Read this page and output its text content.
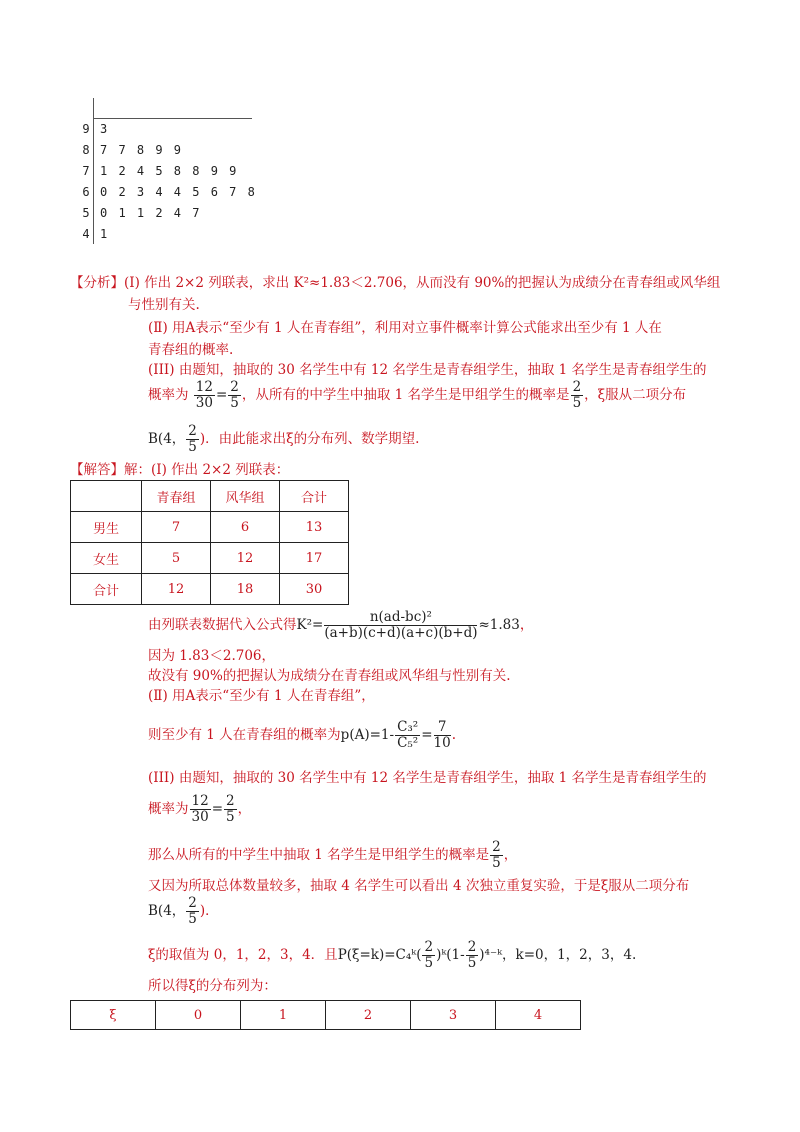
9 3
8 7 7 8 9 9
7 1 2 4 5 8 8 9 9
6 0 2 3 4 4 5 6 7 8
5 0 1 1 2 4 7
4 1
【分析】(I) 作出 2×2 列联表，求出 K²≈1.83＜2.706，从而没有 90%的把握认为成绩分在青春组或风华组
与性别有关.
(Ⅱ) 用A表示“至少有 1 人在青春组”，利用对立事件概率计算公式能求出至少有 1 人在
青春组的概率.
(III) 由题知，抽取的 30 名学生中有 12 名学生是青春组学生，抽取 1 名学生是青春组学生的
概率为 $\frac{12}{30} = \frac{2}{5}$ ，从所有的中学生中抽取 1 名学生是甲组学生的概率是 $\frac{2}{5}$ ，ξ服从二项分布
B(4， $\frac{2}{5}$ )．由此能求出ξ的分布列、数学期望.
【解答】解：(I) 作出 2×2 列联表：
	青春组	风华组	合计
男生	7	6	13
女生	5	12	17
合计	12	18	30
由列联表数据代入公式得$K^2= \frac{\text{n(ad-bc)²}}{(a+b)(c+d)(a+c)(b+d)} \approx 1.83$，
因为 1.83＜2.706，
故没有 90%的把握认为成绩分在青春组或风华组与性别有关.
(Ⅱ) 用A表示“至少有 1 人在青春组”，
则至少有 1 人在青春组的概率为$p(A)=1- \frac{\text{C₃²}}{\text{C₅²}} = \frac{7}{10}$ .
(III) 由题知，抽取的 30 名学生中有 12 名学生是青春组学生，抽取 1 名学生是青春组学生的
概率为 $\frac{12}{30} = \frac{2}{5}$ ，
那么从所有的中学生中抽取 1 名学生是甲组学生的概率是 $\frac{2}{5}$ ，
又因为所取总体数量较多，抽取 4 名学生可以看出 4 次独立重复实验，于是ξ服从二项分布
B(4， $\frac{2}{5}$ )．
ξ的取值为 0，1，2，3，4．且P(ξ=k)=C₄ᵏ( $\frac{2}{5}$ )ᵏ(1- $\frac{2}{5}$ )⁴⁻ᵏ，k=0，1，2，3，4.
所以得ξ的分布列为：
ξ	0	1	2	3	4
